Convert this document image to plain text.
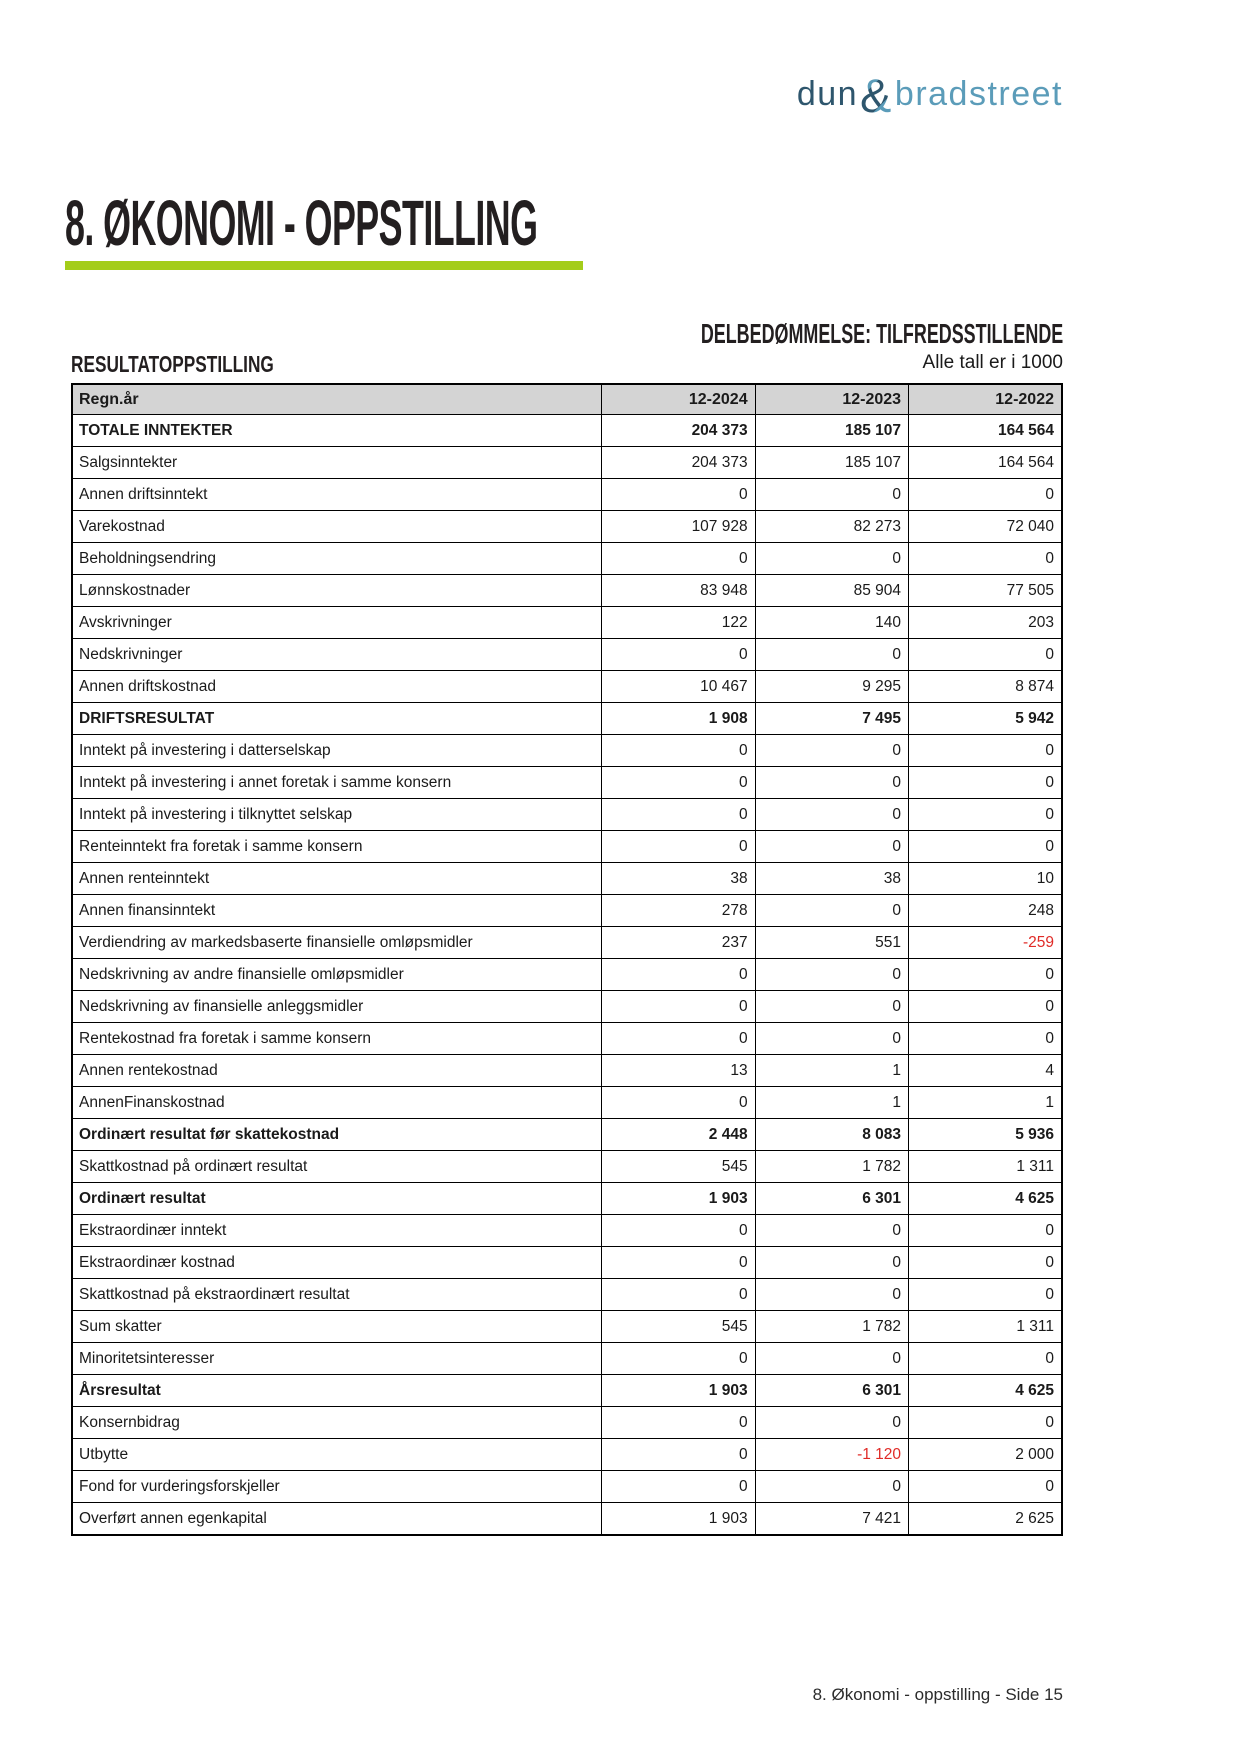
dun&bradstreet
8. ØKONOMI - OPPSTILLING
DELBEDØMMELSE: TILFREDSSTILLENDE
RESULTATOPPSTILLING	Alle tall er i 1000
Regn.år	12-2024	12-2023	12-2022
TOTALE INNTEKTER	204 373	185 107	164 564
Salgsinntekter	204 373	185 107	164 564
Annen driftsinntekt	0	0	0
Varekostnad	107 928	82 273	72 040
Beholdningsendring	0	0	0
Lønnskostnader	83 948	85 904	77 505
Avskrivninger	122	140	203
Nedskrivninger	0	0	0
Annen driftskostnad	10 467	9 295	8 874
DRIFTSRESULTAT	1 908	7 495	5 942
Inntekt på investering i datterselskap	0	0	0
Inntekt på investering i annet foretak i samme konsern	0	0	0
Inntekt på investering i tilknyttet selskap	0	0	0
Renteinntekt fra foretak i samme konsern	0	0	0
Annen renteinntekt	38	38	10
Annen finansinntekt	278	0	248
Verdiendring av markedsbaserte finansielle omløpsmidler	237	551	-259
Nedskrivning av andre finansielle omløpsmidler	0	0	0
Nedskrivning av finansielle anleggsmidler	0	0	0
Rentekostnad fra foretak i samme konsern	0	0	0
Annen rentekostnad	13	1	4
AnnenFinanskostnad	0	1	1
Ordinært resultat før skattekostnad	2 448	8 083	5 936
Skattkostnad på ordinært resultat	545	1 782	1 311
Ordinært resultat	1 903	6 301	4 625
Ekstraordinær inntekt	0	0	0
Ekstraordinær kostnad	0	0	0
Skattkostnad på ekstraordinært resultat	0	0	0
Sum skatter	545	1 782	1 311
Minoritetsinteresser	0	0	0
Årsresultat	1 903	6 301	4 625
Konsernbidrag	0	0	0
Utbytte	0	-1 120	2 000
Fond for vurderingsforskjeller	0	0	0
Overført annen egenkapital	1 903	7 421	2 625
8. Økonomi - oppstilling - Side 15
